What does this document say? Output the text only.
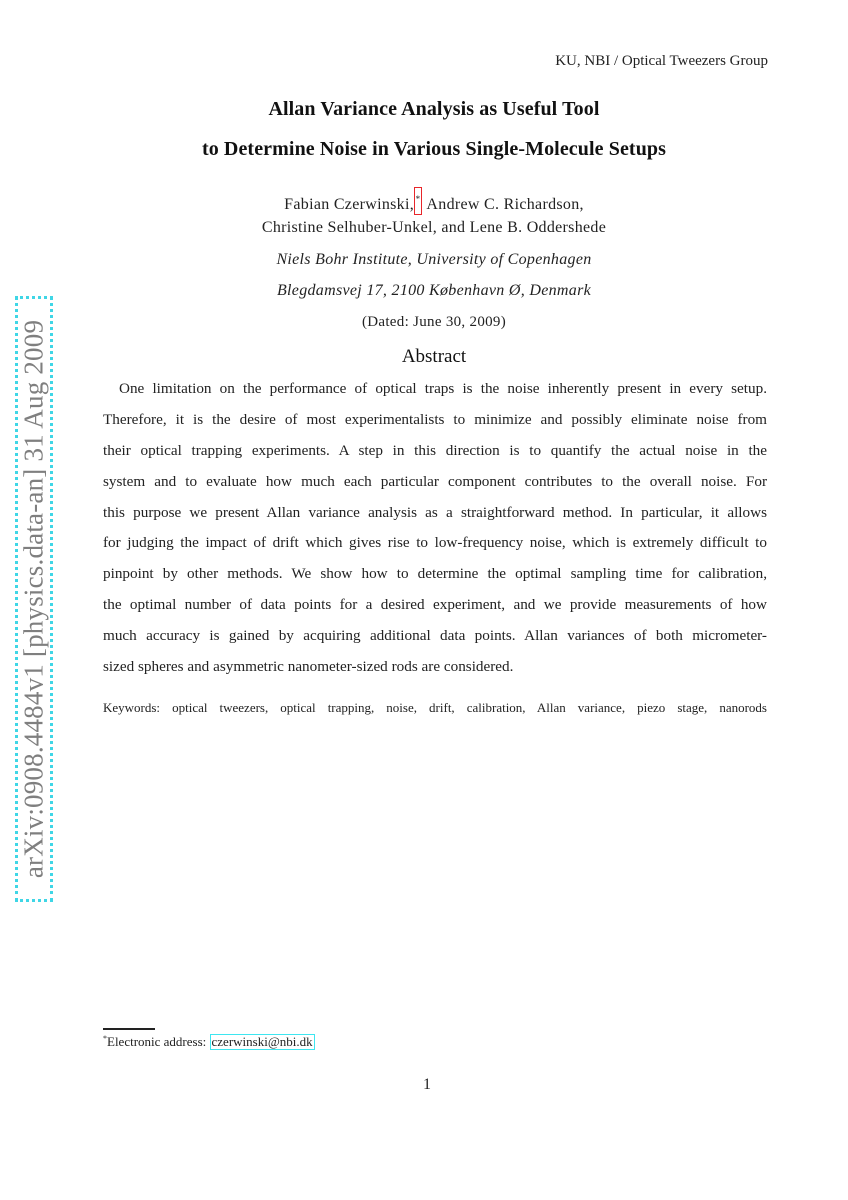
KU, NBI / Optical Tweezers Group
Allan Variance Analysis as Useful Tool
to Determine Noise in Various Single-Molecule Setups
Fabian Czerwinski, * Andrew C. Richardson,
Christine Selhuber-Unkel, and Lene B. Oddershede
Niels Bohr Institute, University of Copenhagen
Blegdamsvej 17, 2100 København Ø, Denmark
(Dated: June 30, 2009)
Abstract
One limitation on the performance of optical traps is the noise inherently present in every setup.
Therefore, it is the desire of most experimentalists to minimize and possibly eliminate noise from
their optical trapping experiments. A step in this direction is to quantify the actual noise in the
system and to evaluate how much each particular component contributes to the overall noise. For
this purpose we present Allan variance analysis as a straightforward method. In particular, it allows
for judging the impact of drift which gives rise to low-frequency noise, which is extremely difficult to
pinpoint by other methods. We show how to determine the optimal sampling time for calibration,
the optimal number of data points for a desired experiment, and we provide measurements of how
much accuracy is gained by acquiring additional data points. Allan variances of both micrometer-
sized spheres and asymmetric nanometer-sized rods are considered.
Keywords: optical tweezers, optical trapping, noise, drift, calibration, Allan variance, piezo stage, nanorods
*Electronic address: czerwinski@nbi.dk
1
arXiv:0908.4484v1 [physics.data-an] 31 Aug 2009
